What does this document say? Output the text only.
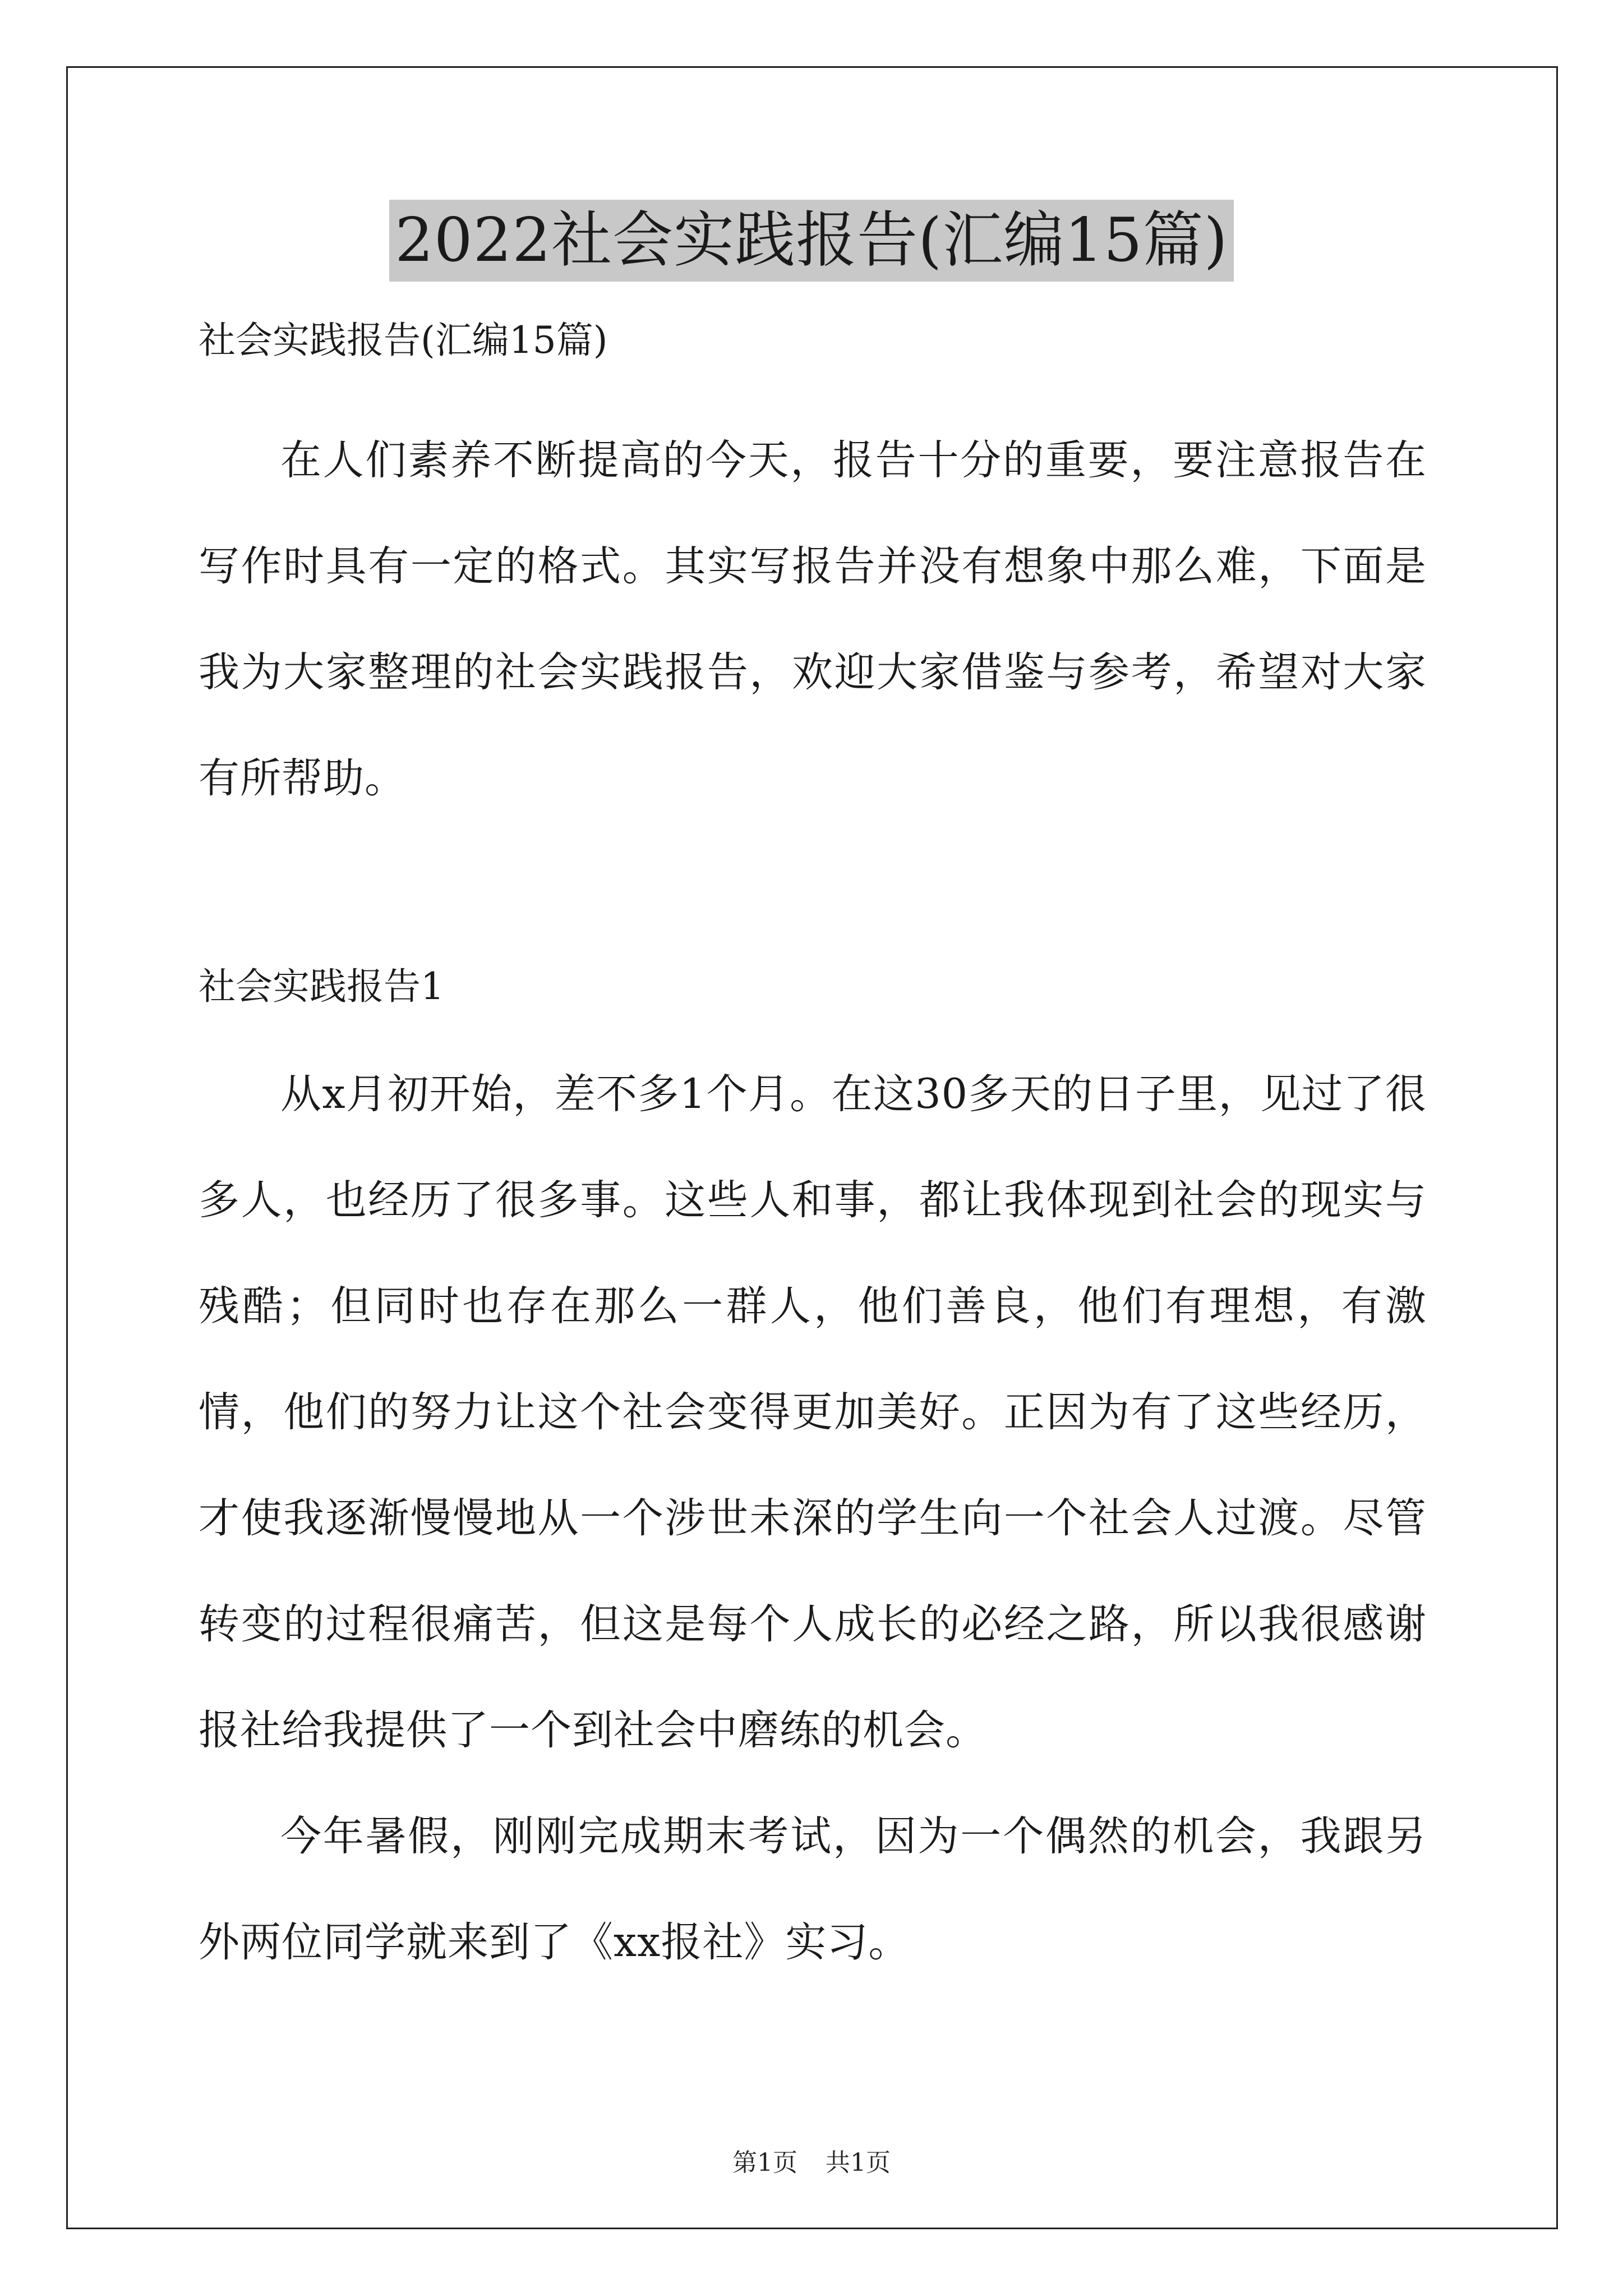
2022社会实践报告(汇编15篇)

社会实践报告(汇编15篇)

在人们素养不断提高的今天，报告十分的重要，要注意报告在写作时具有一定的格式。其实写报告并没有想象中那么难，下面是我为大家整理的社会实践报告，欢迎大家借鉴与参考，希望对大家有所帮助。

社会实践报告1

从x月初开始，差不多1个月。在这30多天的日子里，见过了很多人，也经历了很多事。这些人和事，都让我体现到社会的现实与残酷；但同时也存在那么一群人，他们善良，他们有理想，有激情，他们的努力让这个社会变得更加美好。正因为有了这些经历，才使我逐渐慢慢地从一个涉世未深的学生向一个社会人过渡。尽管转变的过程很痛苦，但这是每个人成长的必经之路，所以我很感谢报社给我提供了一个到社会中磨练的机会。

今年暑假，刚刚完成期末考试，因为一个偶然的机会，我跟另外两位同学就来到了《xx报社》实习。

第1页 共1页
